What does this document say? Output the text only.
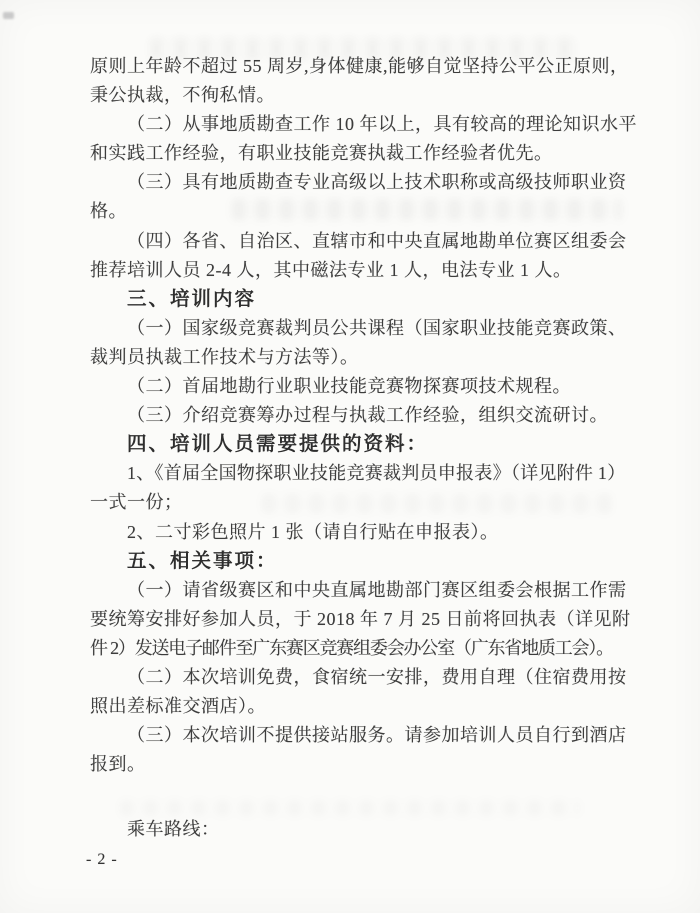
原则上年龄不超过 55 周岁,身体健康,能够自觉坚持公平公正原则，
秉公执裁，不徇私情。
（二）从事地质勘查工作 10 年以上，具有较高的理论知识水平
和实践工作经验，有职业技能竞赛执裁工作经验者优先。
（三）具有地质勘查专业高级以上技术职称或高级技师职业资
格。
（四）各省、自治区、直辖市和中央直属地勘单位赛区组委会
推荐培训人员 2-4 人，其中磁法专业 1 人，电法专业 1 人。
三、培训内容
（一）国家级竞赛裁判员公共课程（国家职业技能竞赛政策、
裁判员执裁工作技术与方法等）。
（二）首届地勘行业职业技能竞赛物探赛项技术规程。
（三）介绍竞赛筹办过程与执裁工作经验，组织交流研讨。
四、培训人员需要提供的资料：
1、《首届全国物探职业技能竞赛裁判员申报表》（详见附件 1）
一式一份；
2、二寸彩色照片 1 张（请自行贴在申报表）。
五、相关事项：
（一）请省级赛区和中央直属地勘部门赛区组委会根据工作需
要统筹安排好参加人员，于 2018 年 7 月 25 日前将回执表（详见附
件 2）发送电子邮件至广东赛区竞赛组委会办公室（广东省地质工会）。
（二）本次培训免费，食宿统一安排，费用自理（住宿费用按
照出差标准交酒店）。
（三）本次培训不提供接站服务。请参加培训人员自行到酒店
报到。
乘车路线：
- 2 -
